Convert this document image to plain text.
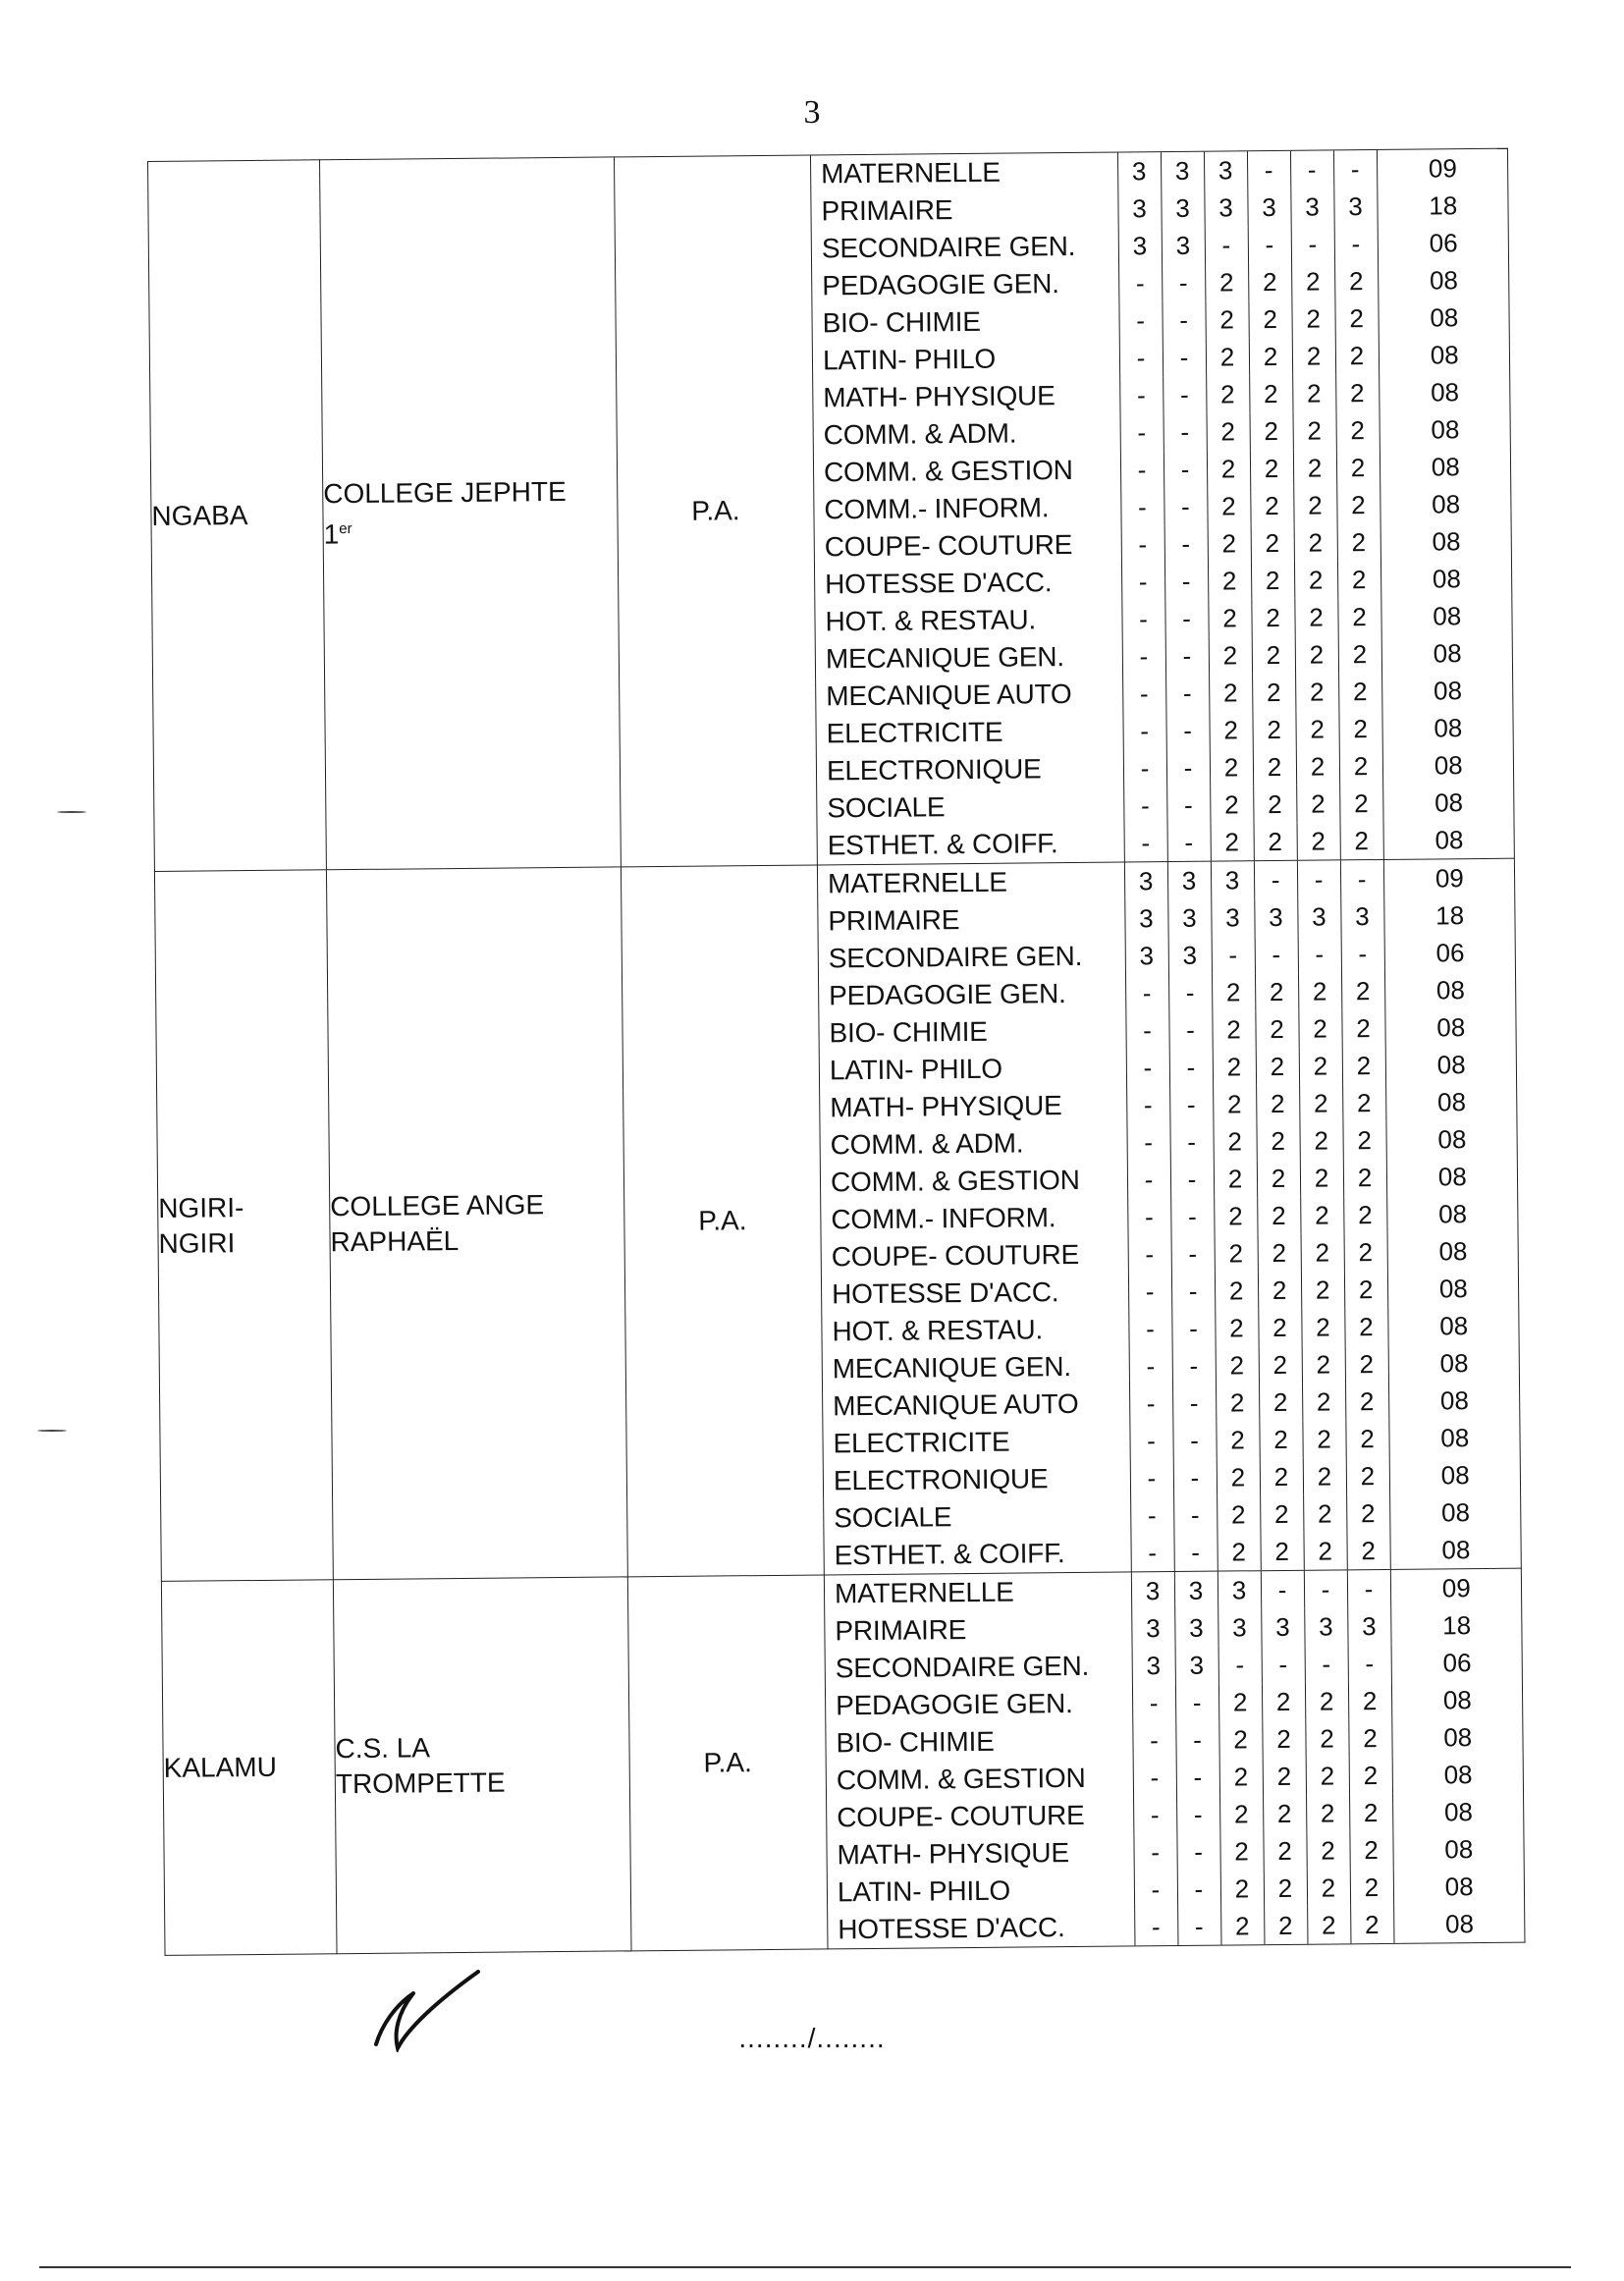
3
NGABA

COLLEGE JEPHTE
1er

P.A.

MATERNELLE	3	3	3	-	-	-	09
PRIMAIRE	3	3	3	3	3	3	18
SECONDAIRE GEN.	3	3	-	-	-	-	06
PEDAGOGIE GEN.	-	-	2	2	2	2	08
BIO- CHIMIE	-	-	2	2	2	2	08
LATIN- PHILO	-	-	2	2	2	2	08
MATH- PHYSIQUE	-	-	2	2	2	2	08
COMM. & ADM.	-	-	2	2	2	2	08
COMM. & GESTION	-	-	2	2	2	2	08
COMM.- INFORM.	-	-	2	2	2	2	08
COUPE- COUTURE	-	-	2	2	2	2	08
HOTESSE D'ACC.	-	-	2	2	2	2	08
HOT. & RESTAU.	-	-	2	2	2	2	08
MECANIQUE GEN.	-	-	2	2	2	2	08
MECANIQUE AUTO	-	-	2	2	2	2	08
ELECTRICITE	-	-	2	2	2	2	08
ELECTRONIQUE	-	-	2	2	2	2	08
SOCIALE	-	-	2	2	2	2	08
ESTHET. & COIFF.	-	-	2	2	2	2	08

NGIRI-
NGIRI

COLLEGE ANGE
RAPHAËL

P.A.

MATERNELLE	3	3	3	-	-	-	09
PRIMAIRE	3	3	3	3	3	3	18
SECONDAIRE GEN.	3	3	-	-	-	-	06
PEDAGOGIE GEN.	-	-	2	2	2	2	08
BIO- CHIMIE	-	-	2	2	2	2	08
LATIN- PHILO	-	-	2	2	2	2	08
MATH- PHYSIQUE	-	-	2	2	2	2	08
COMM. & ADM.	-	-	2	2	2	2	08
COMM. & GESTION	-	-	2	2	2	2	08
COMM.- INFORM.	-	-	2	2	2	2	08
COUPE- COUTURE	-	-	2	2	2	2	08
HOTESSE D'ACC.	-	-	2	2	2	2	08
HOT. & RESTAU.	-	-	2	2	2	2	08
MECANIQUE GEN.	-	-	2	2	2	2	08
MECANIQUE AUTO	-	-	2	2	2	2	08
ELECTRICITE	-	-	2	2	2	2	08
ELECTRONIQUE	-	-	2	2	2	2	08
SOCIALE	-	-	2	2	2	2	08
ESTHET. & COIFF.	-	-	2	2	2	2	08

KALAMU

C.S. LA
TROMPETTE

P.A.

MATERNELLE	3	3	3	-	-	-	09
PRIMAIRE	3	3	3	3	3	3	18
SECONDAIRE GEN.	3	3	-	-	-	-	06
PEDAGOGIE GEN.	-	-	2	2	2	2	08
BIO- CHIMIE	-	-	2	2	2	2	08
COMM. & GESTION	-	-	2	2	2	2	08
COUPE- COUTURE	-	-	2	2	2	2	08
MATH- PHYSIQUE	-	-	2	2	2	2	08
LATIN- PHILO	-	-	2	2	2	2	08
HOTESSE D'ACC.	-	-	2	2	2	2	08
......../........
